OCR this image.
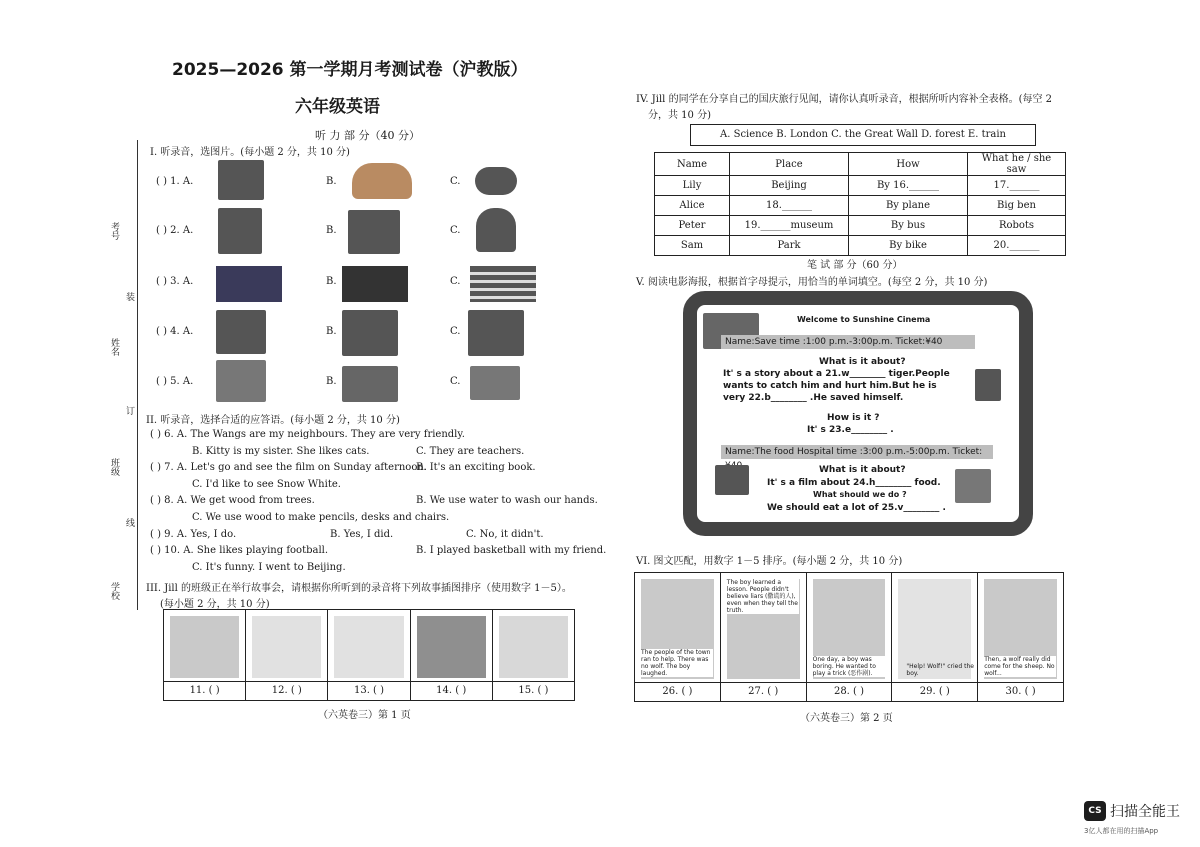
2025—2026 第一学期月考测试卷（沪教版）
六年级英语
听 力 部 分（40 分）
考号
姓名
班级
学校
装
订
线
I. 听录音，选图片。(每小题 2 分，共 10 分)
( ) 1. A.	B.	C.
( ) 2. A.	B.	C.
( ) 3. A.	B.	C.
( ) 4. A.	B.	C.
( ) 5. A.	B.	C.
II. 听录音，选择合适的应答语。(每小题 2 分，共 10 分)
( ) 6. A. The Wangs are my neighbours. They are very friendly.
B. Kitty is my sister. She likes cats.	C. They are teachers.
( ) 7. A. Let's go and see the film on Sunday afternoon.
B. It's an exciting book.
C. I'd like to see Snow White.
( ) 8. A. We get wood from trees.	B. We use water to wash our hands.
C. We use wood to make pencils, desks and chairs.
( ) 9. A. Yes, I do.	B. Yes, I did.	C. No, it didn't.
( ) 10. A. She likes playing football.	B. I played basketball with my friend.
C. It's funny. I went to Beijing.
III. Jill 的班级正在举行故事会，请根据你所听到的录音将下列故事插图排序（使用数字 1－5）。
(每小题 2 分，共 10 分)
11. ( )	12. ( )	13. ( )	14. ( )	15. ( )
（六英卷三）第 1 页
IV. Jill 的同学在分享自己的国庆旅行见闻，请你认真听录音，根据所听内容补全表格。(每空 2
分，共 10 分)
A. Science B. London C. the Great Wall D. forest E. train
Name	Place	How	What he / she saw
Lily	Beijing	By 16.______	17.______
Alice	18.______	By plane	Big ben
Peter	19.______museum	By bus	Robots
Sam	Park	By bike	20.______
笔 试 部 分（60 分）
V. 阅读电影海报，根据首字母提示，用恰当的单词填空。(每空 2 分，共 10 分)
Welcome to Sunshine Cinema
Name:Save time :1:00 p.m.-3:00p.m. Ticket:¥40
What is it about?
It' s a story about a 21.w________ tiger.People
wants to catch him and hurt him.But he is
very 22.b________ .He saved himself.
How is it ?
It' s 23.e________ .
Name:The food Hospital time :3:00 p.m.-5:00p.m. Ticket:
What is it about?
It' s a film about 24.h________ food.
What should we do ?
We should eat a lot of 25.v________ .
VI. 图文匹配，用数字 1－5 排序。(每小题 2 分，共 10 分)
The people of the town ran to help. There was no wolf. The boy laughed.
26. ( )
The boy learned a lesson. People didn't believe liars (撒谎的人), even when they tell the truth.
27. ( )
One day, a boy was boring. He wanted to play a trick (恶作剧).
28. ( )
"Help! Wolf!" cried the boy.
29. ( )
Then, a wolf really did come for the sheep. No wolf...
30. ( )
（六英卷三）第 2 页
CS 扫描全能王
3亿人都在用的扫描App
